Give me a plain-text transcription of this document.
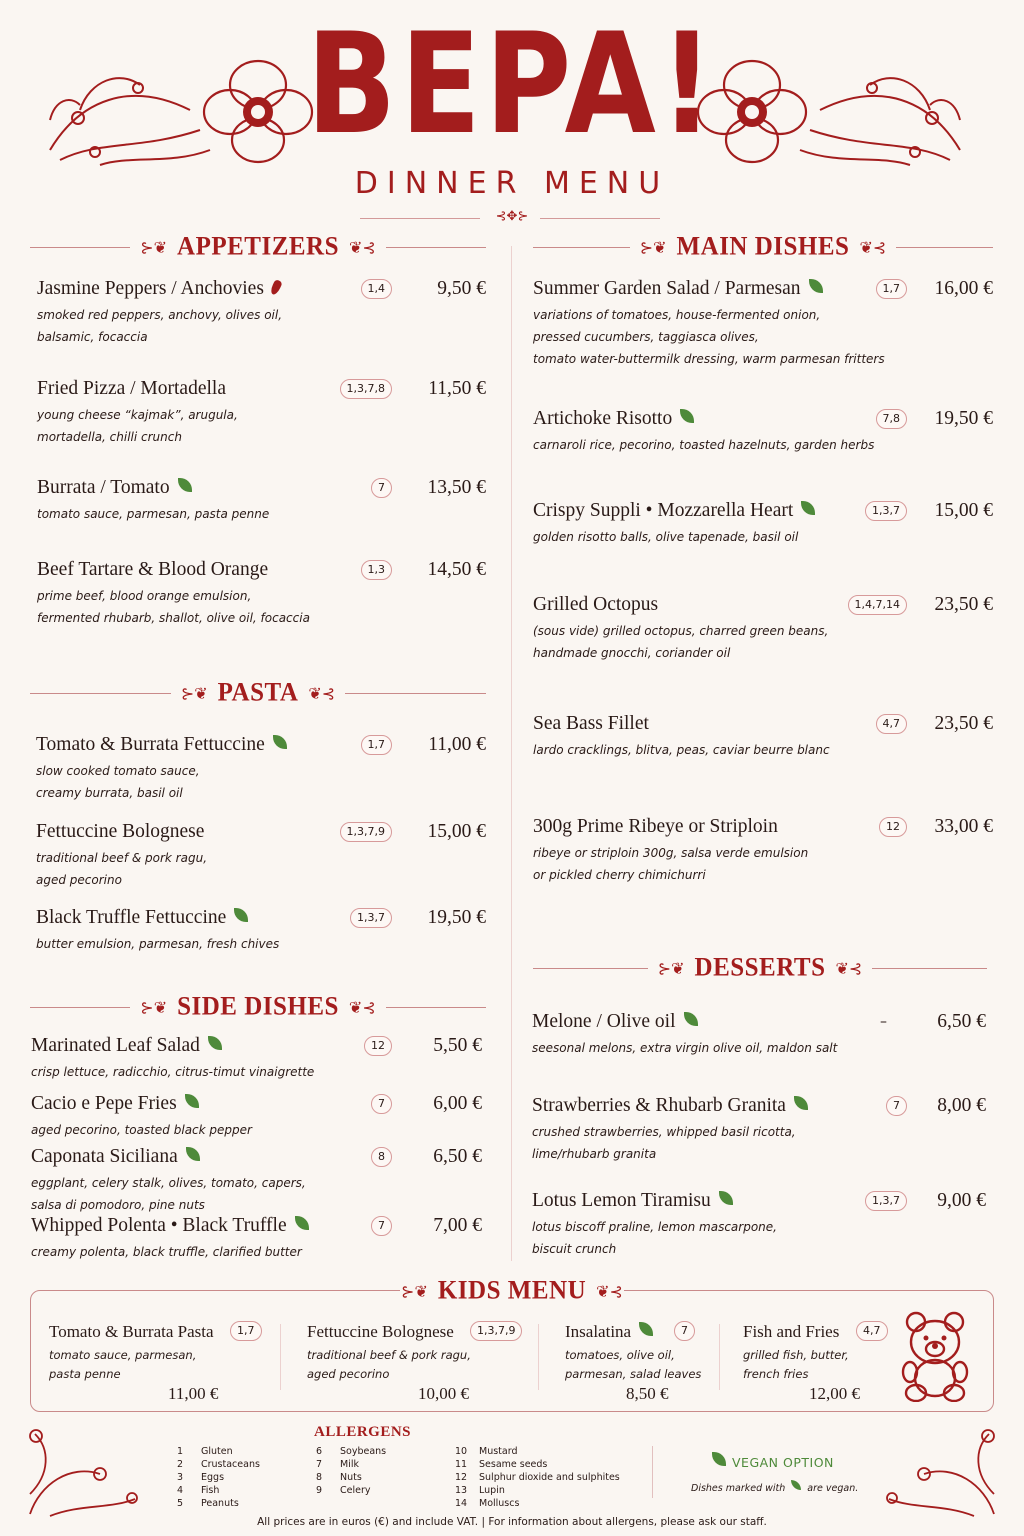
BEPA!
DINNER MENU
⊰✥⊱
⊱❦ APPETIZERS ❦⊰
⊱❦ PASTA ❦⊰
⊱❦ SIDE DISHES ❦⊰
⊱❦ MAIN DISHES ❦⊰
⊱❦ DESSERTS ❦⊰
Jasmine Peppers / Anchovies
smoked red peppers, anchovy, olives oil,
balsamic, focaccia
1,4	9,50 €
Fried Pizza / Mortadella
young cheese “kajmak”, arugula,
mortadella, chilli crunch
1,3,7,8	11,50 €
Burrata / Tomato
tomato sauce, parmesan, pasta penne
7	13,50 €
Beef Tartare & Blood Orange
prime beef, blood orange emulsion,
fermented rhubarb, shallot, olive oil, focaccia
1,3	14,50 €
Tomato & Burrata Fettuccine
slow cooked tomato sauce,
creamy burrata, basil oil
1,7	11,00 €
Fettuccine Bolognese
traditional beef & pork ragu,
aged pecorino
1,3,7,9	15,00 €
Black Truffle Fettuccine
butter emulsion, parmesan, fresh chives
1,3,7	19,50 €
Marinated Leaf Salad
crisp lettuce, radicchio, citrus-timut vinaigrette
12	5,50 €
Cacio e Pepe Fries
aged pecorino, toasted black pepper
7	6,00 €
Caponata Siciliana
eggplant, celery stalk, olives, tomato, capers,
salsa di pomodoro, pine nuts
8	6,50 €
Whipped Polenta • Black Truffle
creamy polenta, black truffle, clarified butter
7	7,00 €
Summer Garden Salad / Parmesan
variations of tomatoes, house-fermented onion,
pressed cucumbers, taggiasca olives,
tomato water-buttermilk dressing, warm parmesan fritters
1,7	16,00 €
Artichoke Risotto
carnaroli rice, pecorino, toasted hazelnuts, garden herbs
7,8	19,50 €
Crispy Suppli • Mozzarella Heart
golden risotto balls, olive tapenade, basil oil
1,3,7	15,00 €
Grilled Octopus
(sous vide) grilled octopus, charred green beans,
handmade gnocchi, coriander oil
1,4,7,14	23,50 €
Sea Bass Fillet
lardo cracklings, blitva, peas, caviar beurre blanc
4,7	23,50 €
300g Prime Ribeye or Striploin
ribeye or striploin 300g, salsa verde emulsion
or pickled cherry chimichurri
12	33,00 €
Melone / Olive oil
seesonal melons, extra virgin olive oil, maldon salt
–	6,50 €
Strawberries & Rhubarb Granita
crushed strawberries, whipped basil ricotta,
lime/rhubarb granita
7	8,00 €
Lotus Lemon Tiramisu
lotus biscoff praline, lemon mascarpone,
biscuit crunch
1,3,7	9,00 €
⊱❦ KIDS MENU ❦⊰
Tomato & Burrata Pasta
tomato sauce, parmesan,
pasta penne
1,7
11,00 €
Fettuccine Bolognese
traditional beef & pork ragu,
aged pecorino
1,3,7,9
10,00 €
Insalatina
tomatoes, olive oil,
parmesan, salad leaves
7
8,50 €
Fish and Fries
grilled fish, butter,
french fries
4,7
12,00 €
ALLERGENS
1	Gluten
2	Crustaceans
3	Eggs
4	Fish
5	Peanuts
6	Soybeans
7	Milk
8	Nuts
9	Celery
10	Mustard
11	Sesame seeds
12	Sulphur dioxide and sulphites
13	Lupin
14	Molluscs
VEGAN OPTION
Dishes marked with are vegan.
All prices are in euros (€) and include VAT. | For information about allergens, please ask our staff.
